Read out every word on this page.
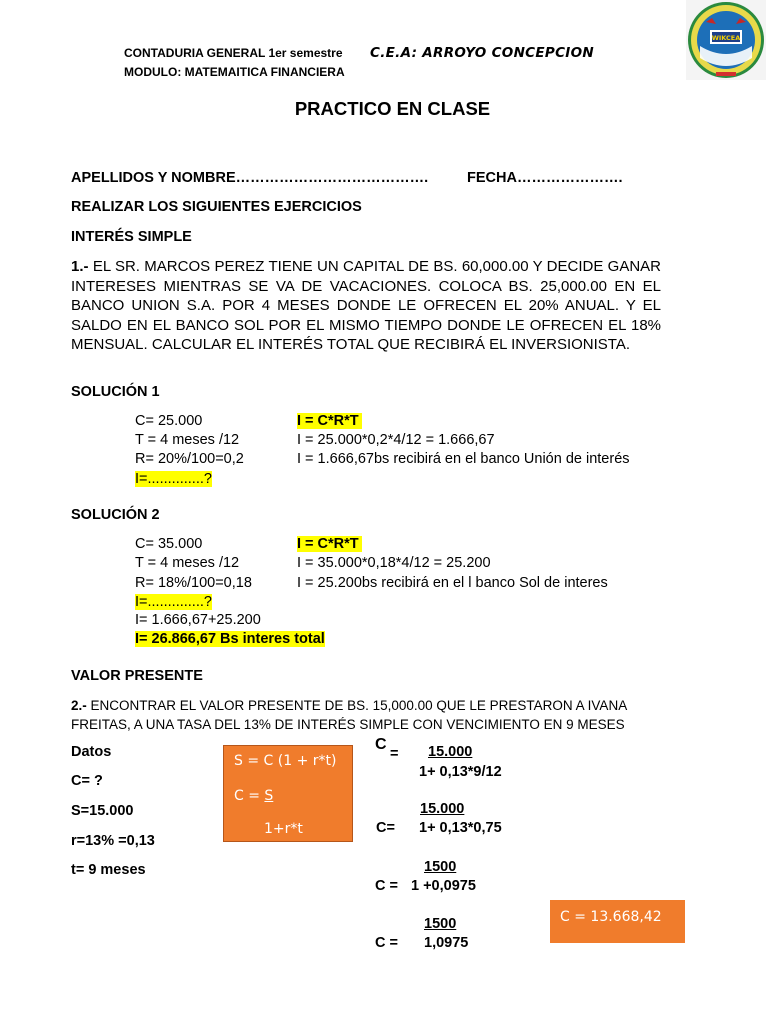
CONTADURIA GENERAL 1er semestre
MODULO: MATEMAITICA FINANCIERA
C.E.A: ARROYO CONCEPCION
WIKCEA
PRACTICO EN CLASE
APELLIDOS Y NOMBRE………………………………….	FECHA………………….
REALIZAR LOS SIGUIENTES EJERCICIOS
INTERÉS SIMPLE
1.- EL SR. MARCOS PEREZ TIENE UN CAPITAL DE BS. 60,000.00 Y DECIDE GANAR INTERESES MIENTRAS SE VA DE VACACIONES. COLOCA BS. 25,000.00 EN EL BANCO UNION S.A. POR 4 MESES DONDE LE OFRECEN EL 20% ANUAL. Y EL SALDO EN EL BANCO SOL POR EL MISMO TIEMPO DONDE LE OFRECEN EL 18% MENSUAL. CALCULAR EL INTERÉS TOTAL QUE RECIBIRÁ EL INVERSIONISTA.
SOLUCIÓN 1
C= 25.000
T = 4 meses /12
R= 20%/100=0,2
I=..............?
I = C*R*T
I = 25.000*0,2*4/12 = 1.666,67
I = 1.666,67bs recibirá en el banco Unión de interés
SOLUCIÓN 2
C= 35.000
T = 4 meses /12
R= 18%/100=0,18
I=..............?
I= 1.666,67+25.200
I= 26.866,67 Bs interes total
I = C*R*T
I = 35.000*0,18*4/12 = 25.200
I = 25.200bs recibirá en el l banco Sol de interes
VALOR PRESENTE
2.- ENCONTRAR EL VALOR PRESENTE DE BS. 15,000.00 QUE LE PRESTARON A IVANA FREITAS, A UNA TASA DEL 13% DE INTERÉS SIMPLE CON VENCIMIENTO EN 9 MESES
Datos
C= ?
S=15.000
r=13% =0,13
t= 9 meses
S = C (1 + r*t)
C = S
1+r*t
C
= 15.000
1+ 0,13*9/12
15.000
C= 1+ 0,13*0,75
1500
C = 1 +0,0975
1500
C = 1,0975
C = 13.668,42
